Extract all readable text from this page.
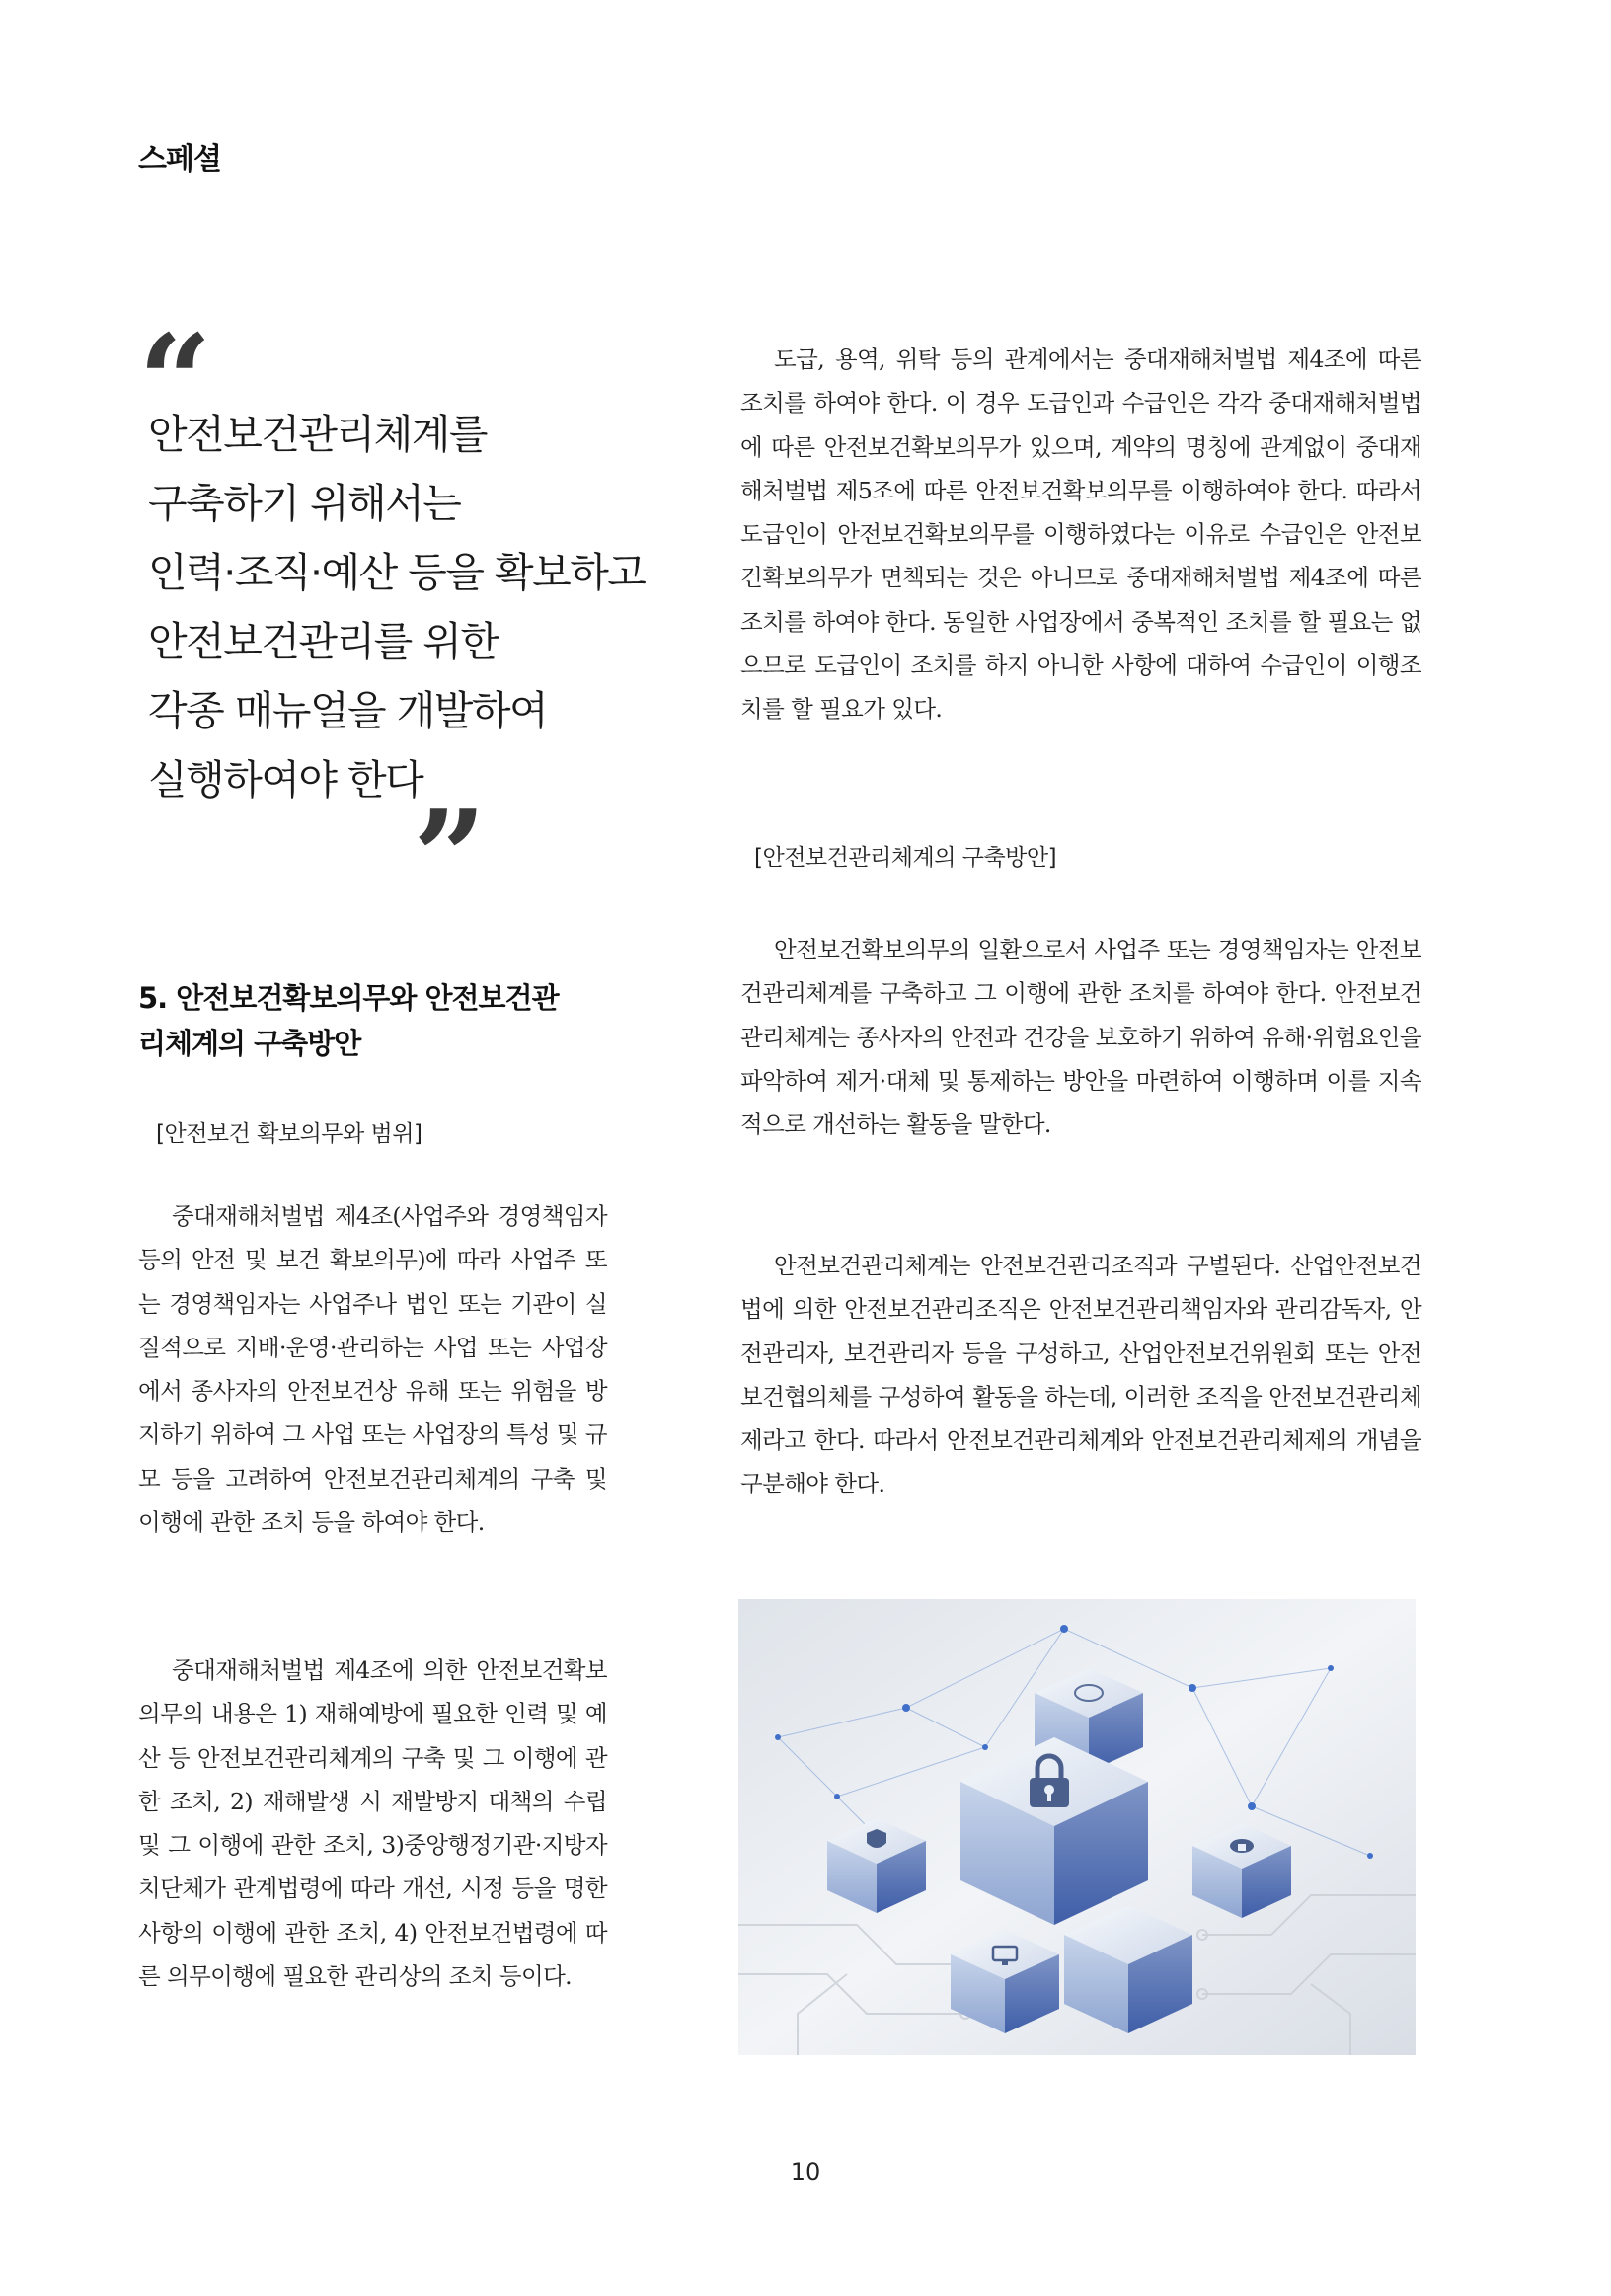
스페셜
“
안전보건관리체계를
구축하기 위해서는
인력·조직·예산 등을 확보하고
안전보건관리를 위한
각종 매뉴얼을 개발하여
실행하여야 한다
”
5. 안전보건확보의무와 안전보건관
리체계의 구축방안
[안전보건 확보의무와 범위]
중대재해처벌법 제4조(사업주와 경영책임자등의 안전 및 보건 확보의무)에 따라 사업주 또는 경영책임자는 사업주나 법인 또는 기관이 실질적으로 지배·운영·관리하는 사업 또는 사업장에서 종사자의 안전보건상 유해 또는 위험을 방지하기 위하여 그 사업 또는 사업장의 특성 및 규모 등을 고려하여 안전보건관리체계의 구축 및 이행에 관한 조치 등을 하여야 한다.
중대재해처벌법 제4조에 의한 안전보건확보의무의 내용은 1) 재해예방에 필요한 인력 및 예산 등 안전보건관리체계의 구축 및 그 이행에 관한 조치, 2) 재해발생 시 재발방지 대책의 수립 및 그 이행에 관한 조치, 3)중앙행정기관·지방자치단체가 관계법령에 따라 개선, 시정 등을 명한 사항의 이행에 관한 조치, 4) 안전보건법령에 따른 의무이행에 필요한 관리상의 조치 등이다.
도급, 용역, 위탁 등의 관계에서는 중대재해처벌법 제4조에 따른 조치를 하여야 한다. 이 경우 도급인과 수급인은 각각 중대재해처벌법에 따른 안전보건확보의무가 있으며, 계약의 명칭에 관계없이 중대재해처벌법 제5조에 따른 안전보건확보의무를 이행하여야 한다. 따라서 도급인이 안전보건확보의무를 이행하였다는 이유로 수급인은 안전보건확보의무가 면책되는 것은 아니므로 중대재해처벌법 제4조에 따른 조치를 하여야 한다. 동일한 사업장에서 중복적인 조치를 할 필요는 없으므로 도급인이 조치를 하지 아니한 사항에 대하여 수급인이 이행조치를 할 필요가 있다.
[안전보건관리체계의 구축방안]
안전보건확보의무의 일환으로서 사업주 또는 경영책임자는 안전보건관리체계를 구축하고 그 이행에 관한 조치를 하여야 한다. 안전보건관리체계는 종사자의 안전과 건강을 보호하기 위하여 유해·위험요인을 파악하여 제거·대체 및 통제하는 방안을 마련하여 이행하며 이를 지속적으로 개선하는 활동을 말한다.
안전보건관리체계는 안전보건관리조직과 구별된다. 산업안전보건법에 의한 안전보건관리조직은 안전보건관리책임자와 관리감독자, 안전관리자, 보건관리자 등을 구성하고, 산업안전보건위원회 또는 안전보건협의체를 구성하여 활동을 하는데, 이러한 조직을 안전보건관리체제라고 한다. 따라서 안전보건관리체계와 안전보건관리체제의 개념을 구분해야 한다.
10
